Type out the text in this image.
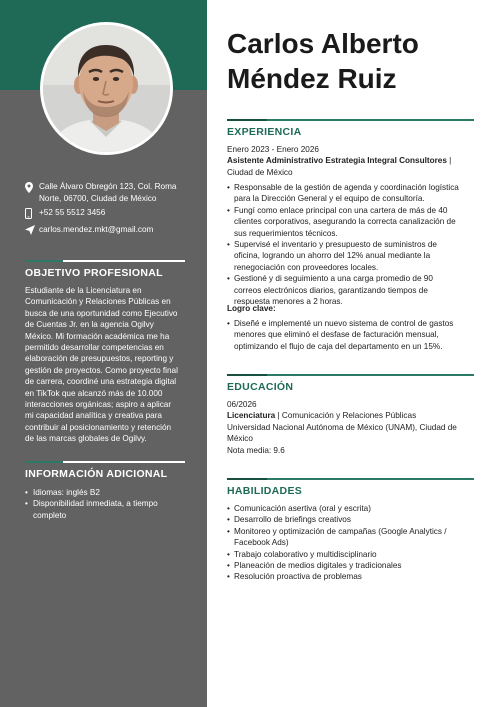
Calle Álvaro Obregón 123, Col. Roma
Norte, 06700, Ciudad de México
+52 55 5512 3456
carlos.mendez.mkt@gmail.com
OBJETIVO PROFESIONAL
Estudiante de la Licenciatura en
Comunicación y Relaciones Públicas en
busca de una oportunidad como Ejecutivo
de Cuentas Jr. en la agencia Ogilvy
México. Mi formación académica me ha
permitido desarrollar competencias en
elaboración de presupuestos, reporting y
gestión de proyectos. Como proyecto final
de carrera, coordiné una estrategia digital
en TikTok que alcanzó más de 10.000
interacciones orgánicas; aspiro a aplicar
mi capacidad analítica y creativa para
contribuir al posicionamiento y retención
de las marcas globales de Ogilvy.
INFORMACIÓN ADICIONAL
• Idiomas: inglés B2
• Disponibilidad inmediata, a tiempo
completo
Carlos Alberto
Méndez Ruiz
EXPERIENCIA
Enero 2023 - Enero 2026
Asistente Administrativo Estrategia Integral Consultores |
Ciudad de México
• Responsable de la gestión de agenda y coordinación logística
para la Dirección General y el equipo de consultoría.
• Fungí como enlace principal con una cartera de más de 40
clientes corporativos, asegurando la correcta canalización de
sus requerimientos técnicos.
• Supervisé el inventario y presupuesto de suministros de
oficina, logrando un ahorro del 12% anual mediante la
renegociación con proveedores locales.
• Gestioné y di seguimiento a una carga promedio de 90
correos electrónicos diarios, garantizando tiempos de
respuesta menores a 2 horas.
Logro clave:
• Diseñé e implementé un nuevo sistema de control de gastos
menores que eliminó el desfase de facturación mensual,
optimizando el flujo de caja del departamento en un 15%.
EDUCACIÓN
06/2026
Licenciatura | Comunicación y Relaciones Públicas
Universidad Nacional Autónoma de México (UNAM), Ciudad de
México
Nota media: 9.6
HABILIDADES
• Comunicación asertiva (oral y escrita)
• Desarrollo de briefings creativos
• Monitoreo y optimización de campañas (Google Analytics /
Facebook Ads)
• Trabajo colaborativo y multidisciplinario
• Planeación de medios digitales y tradicionales
• Resolución proactiva de problemas
